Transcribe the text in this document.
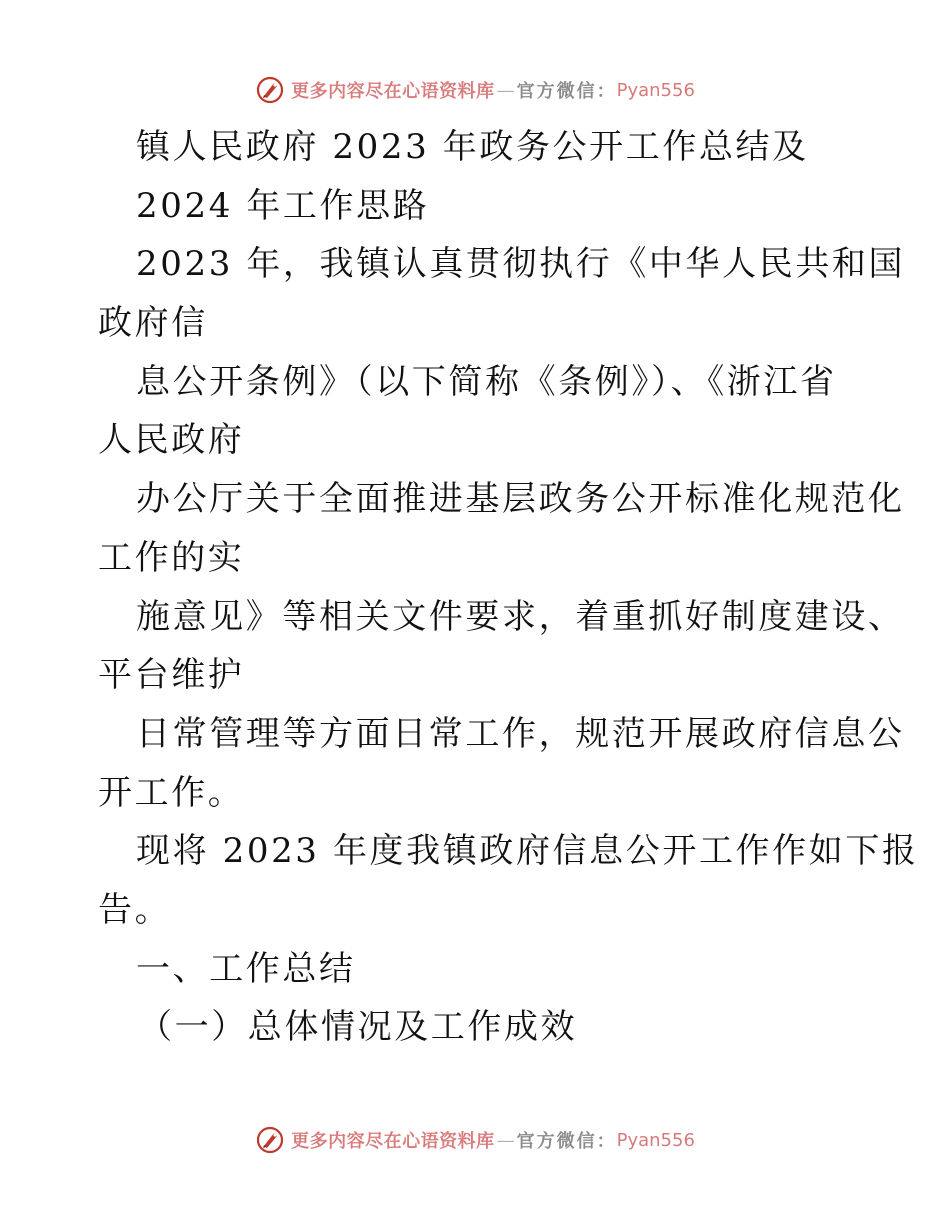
更多内容尽在心语资料库 — 官方微信： Pyan556
镇人民政府 2023 年政务公开工作总结及
2024 年工作思路
2023 年，我镇认真贯彻执行《中华人民共和国
政府信
息公开条例》（以下简称《条例》）、《浙江省
人民政府
办公厅关于全面推进基层政务公开标准化规范化
工作的实
施意见》等相关文件要求，着重抓好制度建设、
平台维护
日常管理等方面日常工作，规范开展政府信息公
开工作。
现将 2023 年度我镇政府信息公开工作作如下报
告。
一、工作总结
（一）总体情况及工作成效
更多内容尽在心语资料库 — 官方微信： Pyan556
